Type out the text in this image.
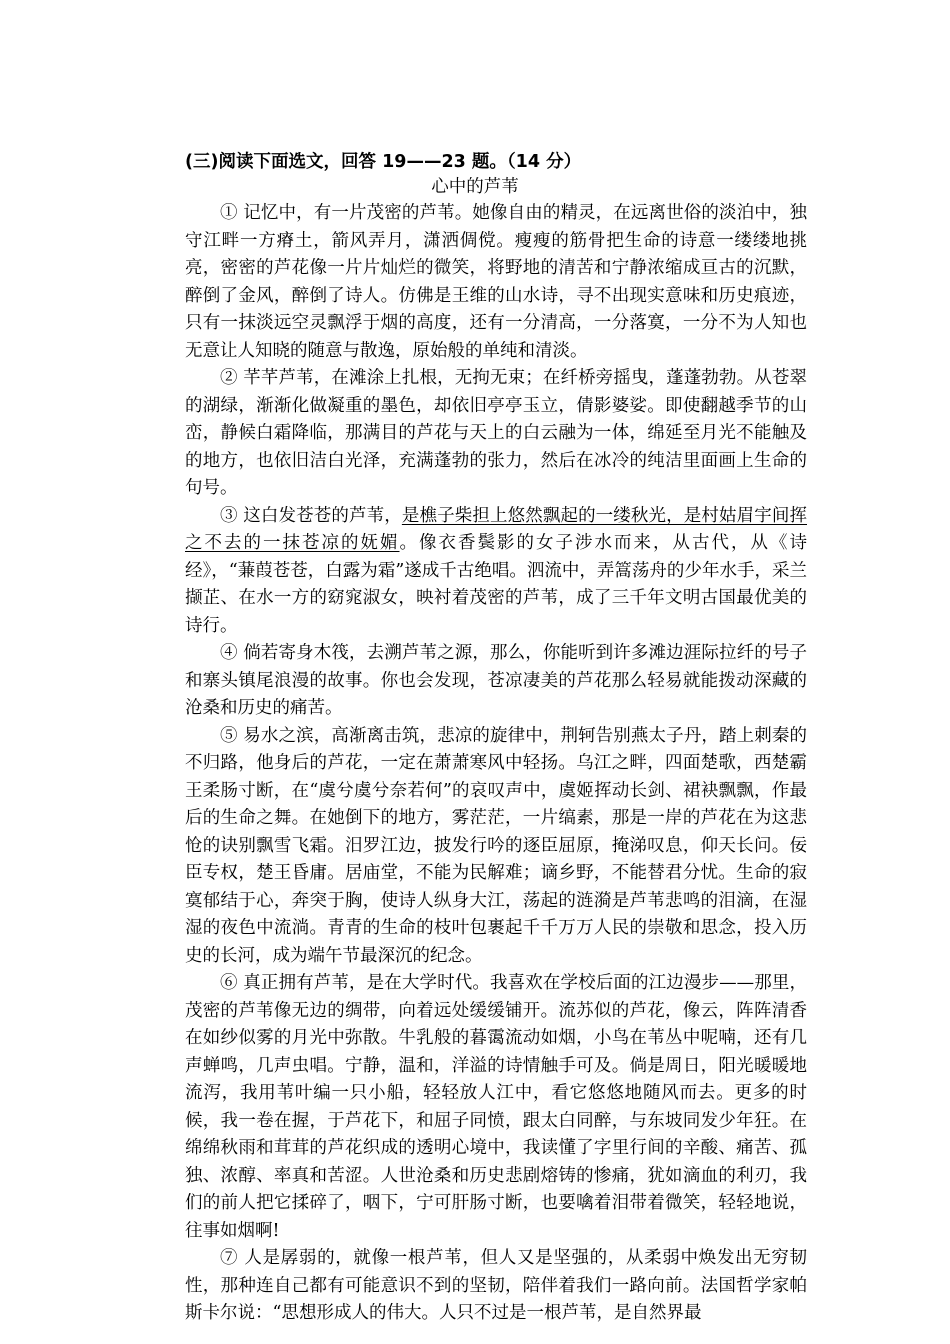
(三)阅读下面选文，回答 19——23 题。（14 分）
心中的芦苇

① 记忆中，有一片茂密的芦苇。她像自由的精灵，在远离世俗的淡泊中，独守江畔一方瘠土，箭风弄月，潇洒倜傥。瘦瘦的筋骨把生命的诗意一缕缕地挑亮，密密的芦花像一片片灿烂的微笑，将野地的清苦和宁静浓缩成亘古的沉默，醉倒了金风，醉倒了诗人。仿佛是王维的山水诗，寻不出现实意味和历史痕迹，只有一抹淡远空灵飘浮于烟的高度，还有一分清高，一分落寞，一分不为人知也无意让人知晓的随意与散逸，原始般的单纯和清淡。

② 芊芊芦苇，在滩涂上扎根，无拘无束；在纤桥旁摇曳，蓬蓬勃勃。从苍翠的湖绿，渐渐化做凝重的墨色，却依旧亭亭玉立，倩影婆娑。即使翻越季节的山峦，静候白霜降临，那满目的芦花与天上的白云融为一体，绵延至月光不能触及的地方，也依旧洁白光泽，充满蓬勃的张力，然后在冰冷的纯洁里面画上生命的句号。

③ 这白发苍苍的芦苇，是樵子柴担上悠然飘起的一缕秋光，是村姑眉宇间挥之不去的一抹苍凉的妩媚。像衣香鬓影的女子涉水而来，从古代，从《诗经》，“蒹葭苍苍，白露为霜”遂成千古绝唱。泗流中，弄篙荡舟的少年水手，采兰撷芷、在水一方的窈窕淑女，映衬着茂密的芦苇，成了三千年文明古国最优美的诗行。

④ 倘若寄身木筏，去溯芦苇之源，那么，你能听到许多滩边涯际拉纤的号子和寨头镇尾浪漫的故事。你也会发现，苍凉凄美的芦花那么轻易就能拨动深藏的沧桑和历史的痛苦。

⑤ 易水之滨，高渐离击筑，悲凉的旋律中，荆轲告别燕太子丹，踏上刺秦的不归路，他身后的芦花，一定在萧萧寒风中轻扬。乌江之畔，四面楚歌，西楚霸王柔肠寸断，在“虞兮虞兮奈若何”的哀叹声中，虞姬挥动长剑、裙袂飘飘，作最后的生命之舞。在她倒下的地方，雾茫茫，一片缟素，那是一岸的芦花在为这悲怆的诀别飘雪飞霜。汨罗江边，披发行吟的逐臣屈原，掩涕叹息，仰天长问。佞臣专权，楚王昏庸。居庙堂，不能为民解难；谪乡野，不能替君分忧。生命的寂寞郁结于心，奔突于胸，使诗人纵身大江，荡起的涟漪是芦苇悲鸣的泪滴，在湿湿的夜色中流淌。青青的生命的枝叶包裹起千千万万人民的崇敬和思念，投入历史的长河，成为端午节最深沉的纪念。

⑥ 真正拥有芦苇，是在大学时代。我喜欢在学校后面的江边漫步——那里，茂密的芦苇像无边的绸带，向着远处缓缓铺开。流苏似的芦花，像云，阵阵清香在如纱似雾的月光中弥散。牛乳般的暮霭流动如烟，小鸟在苇丛中呢喃，还有几声蝉鸣，几声虫唱。宁静，温和，洋溢的诗情触手可及。倘是周日，阳光暖暖地流泻，我用苇叶编一只小船，轻轻放人江中，看它悠悠地随风而去。更多的时候，我一卷在握，于芦花下，和屈子同愤，跟太白同醉，与东坡同发少年狂。在绵绵秋雨和茸茸的芦花织成的透明心境中，我读懂了字里行间的辛酸、痛苦、孤独、浓醇、率真和苦涩。人世沧桑和历史悲剧熔铸的惨痛，犹如滴血的利刃，我们的前人把它揉碎了，咽下，宁可肝肠寸断，也要噙着泪带着微笑，轻轻地说，往事如烟啊!

⑦ 人是孱弱的，就像一根芦苇，但人又是坚强的，从柔弱中焕发出无穷韧性，那种连自己都有可能意识不到的坚韧，陪伴着我们一路向前。法国哲学家帕斯卡尔说：“思想形成人的伟大。人只不过是一根芦苇，是自然界最
